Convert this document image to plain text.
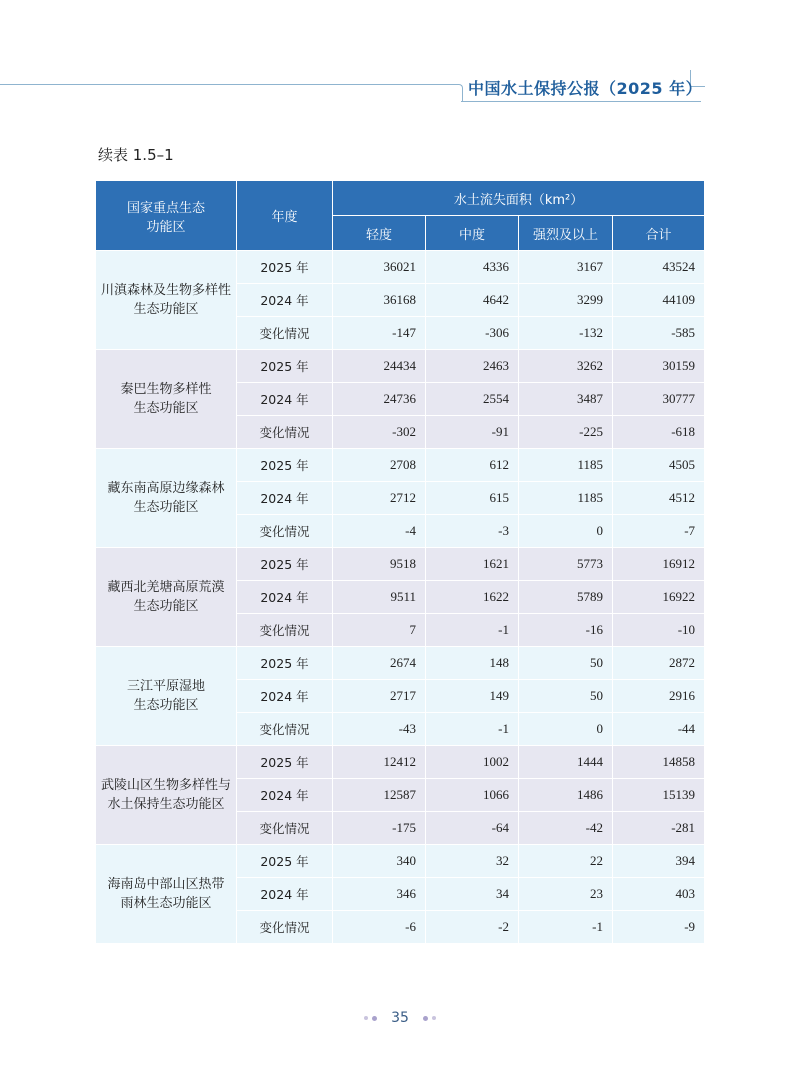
中国水土保持公报（2025 年）
续表 1.5–1
国家重点生态
功能区	年度	水土流失面积（km²）			
		轻度	中度	强烈及以上	合计

川滇森林及生物多样性
生态功能区	2025 年	36021	4336	3167	43524
	2024 年	36168	4642	3299	44109
	变化情况	-147	-306	-132	-585

秦巴生物多样性
生态功能区	2025 年	24434	2463	3262	30159
	2024 年	24736	2554	3487	30777
	变化情况	-302	-91	-225	-618

藏东南高原边缘森林
生态功能区	2025 年	2708	612	1185	4505
	2024 年	2712	615	1185	4512
	变化情况	-4	-3	0	-7

藏西北羌塘高原荒漠
生态功能区	2025 年	9518	1621	5773	16912
	2024 年	9511	1622	5789	16922
	变化情况	7	-1	-16	-10

三江平原湿地
生态功能区	2025 年	2674	148	50	2872
	2024 年	2717	149	50	2916
	变化情况	-43	-1	0	-44

武陵山区生物多样性与
水土保持生态功能区	2025 年	12412	1002	1444	14858
	2024 年	12587	1066	1486	15139
	变化情况	-175	-64	-42	-281

海南岛中部山区热带
雨林生态功能区	2025 年	340	32	22	394
	2024 年	346	34	23	403
	变化情况	-6	-2	-1	-9
35
